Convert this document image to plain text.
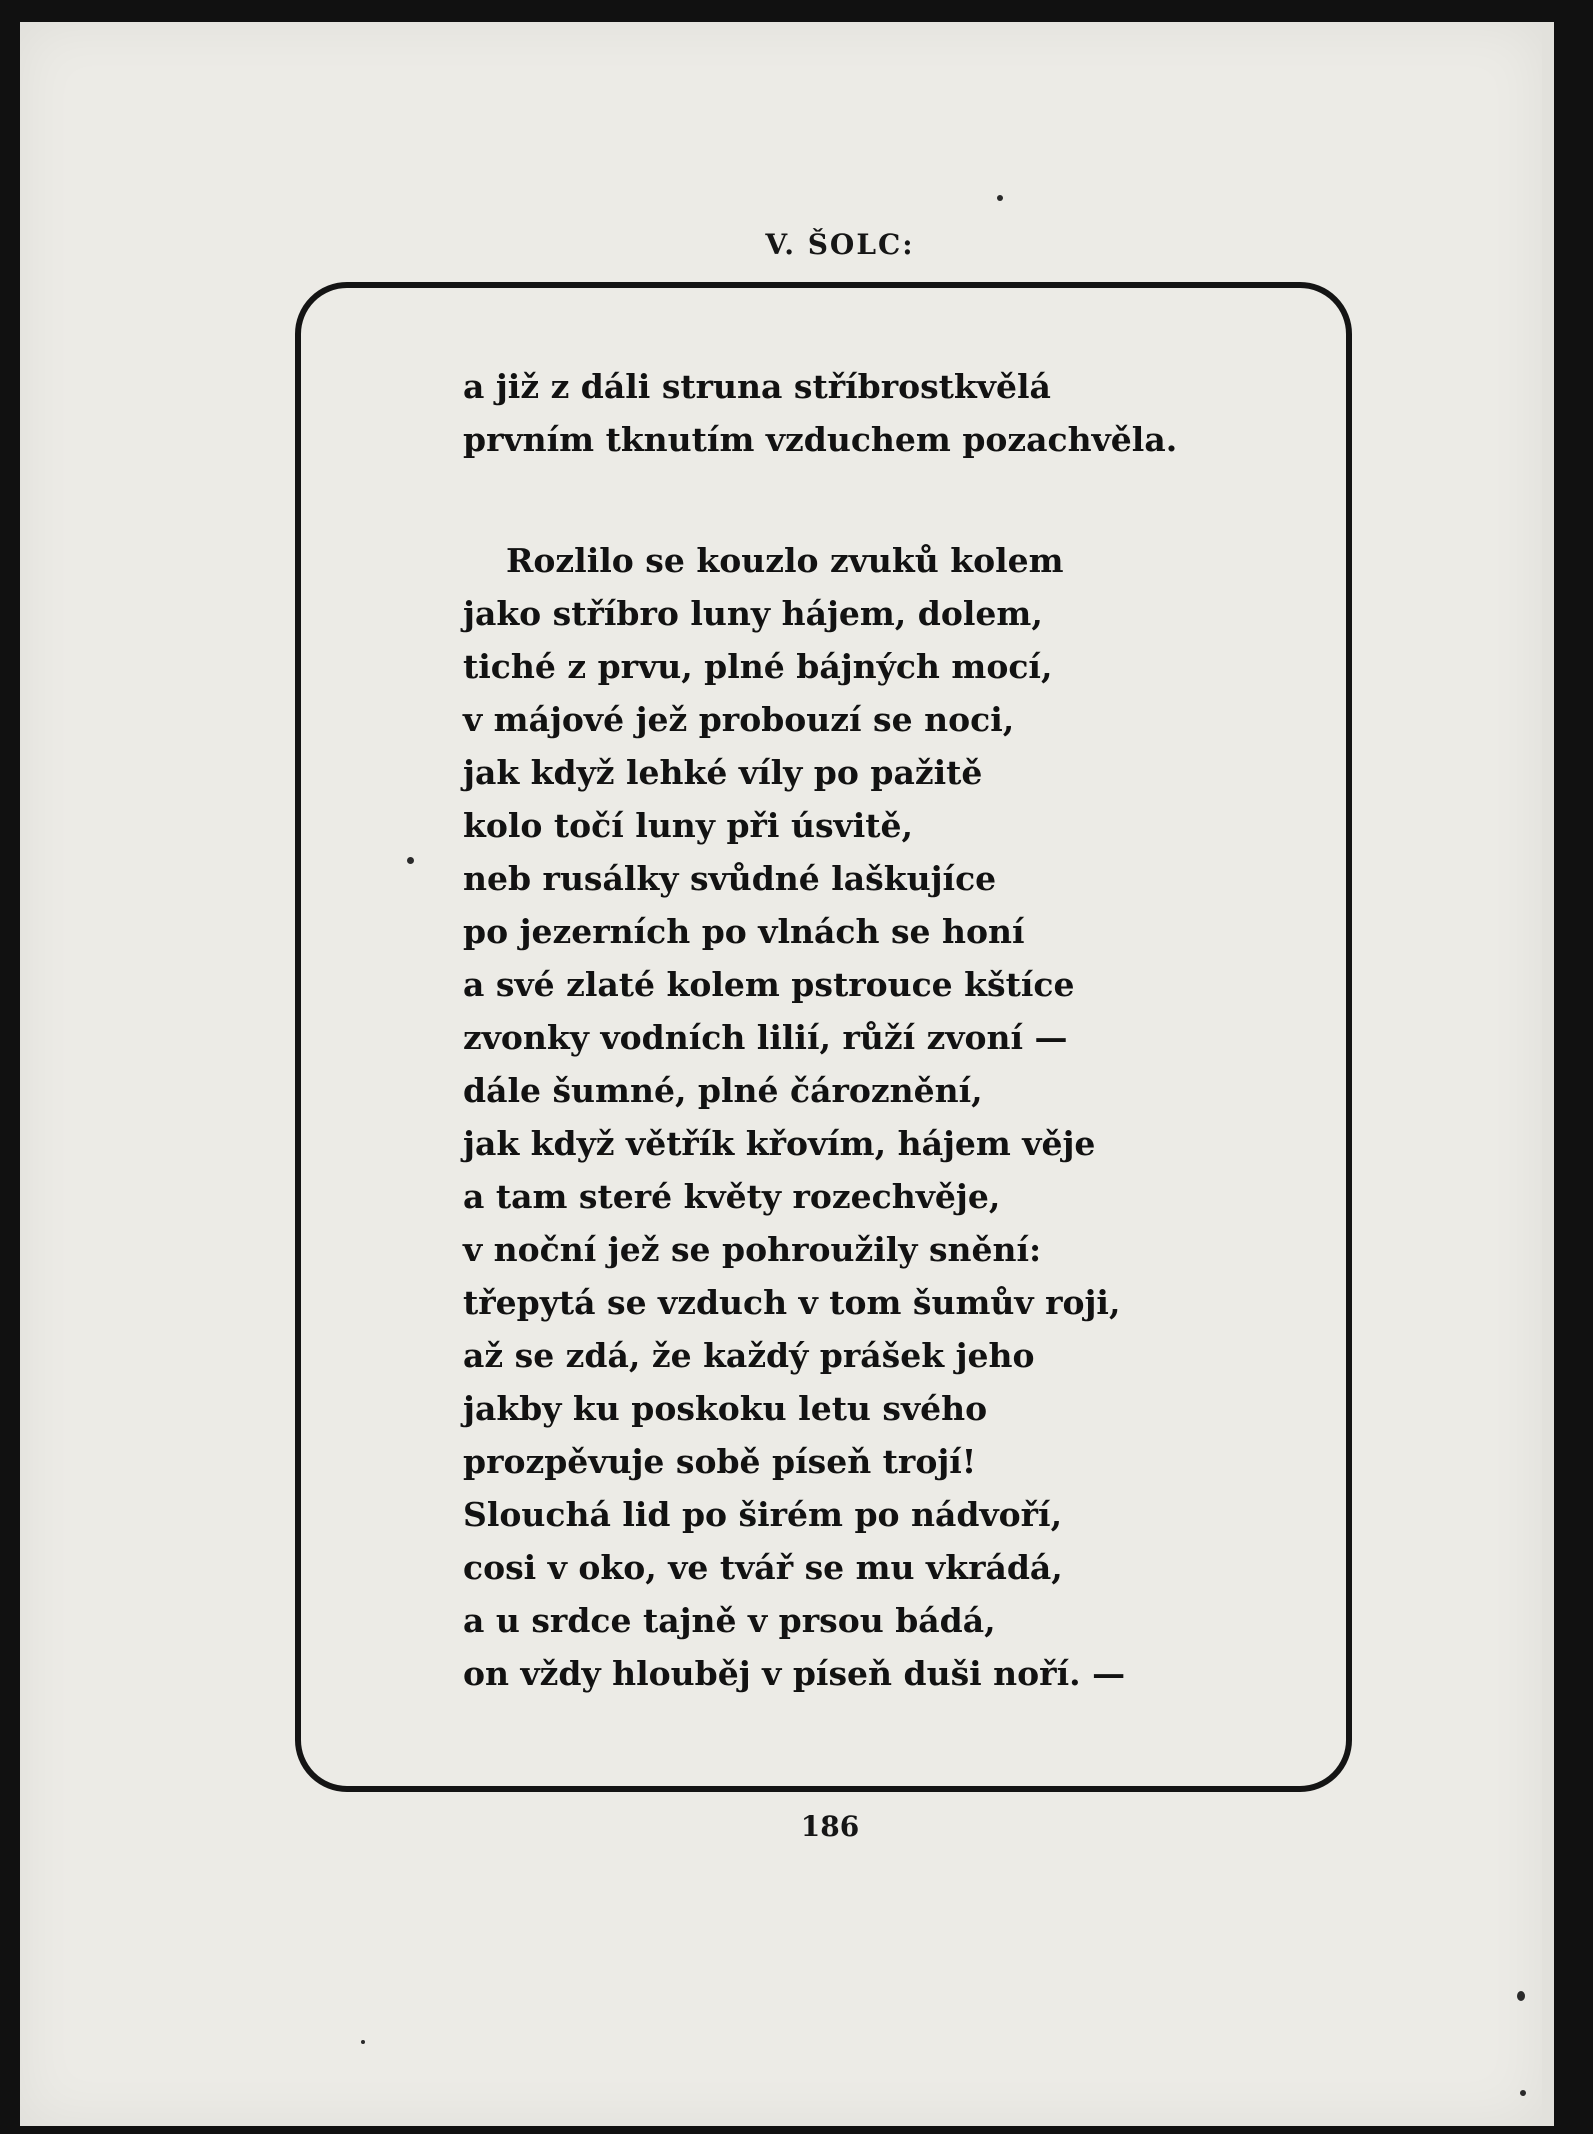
V. ŠOLC:
a již z dáli struna stříbrostkvělá
prvním tknutím vzduchem pozachvěla.
Rozlilo se kouzlo zvuků kolem
jako stříbro luny hájem, dolem,
tiché z prvu, plné bájných mocí,
v májové jež probouzí se noci,
jak když lehké víly po pažitě
kolo točí luny při úsvitě,
neb rusálky svůdné laškujíce
po jezerních po vlnách se honí
a své zlaté kolem pstrouce kštíce
zvonky vodních lilií, růží zvoní —
dále šumné, plné čároznění,
jak když větřík křovím, hájem věje
a tam steré květy rozechvěje,
v noční jež se pohroužily snění:
třepytá se vzduch v tom šumův roji,
až se zdá, že každý prášek jeho
jakby ku poskoku letu svého
prozpěvuje sobě píseň trojí!
Slouchá lid po širém po nádvoří,
cosi v oko, ve tvář se mu vkrádá,
a u srdce tajně v prsou bádá,
on vždy hlouběj v píseň duši noří. —
186
